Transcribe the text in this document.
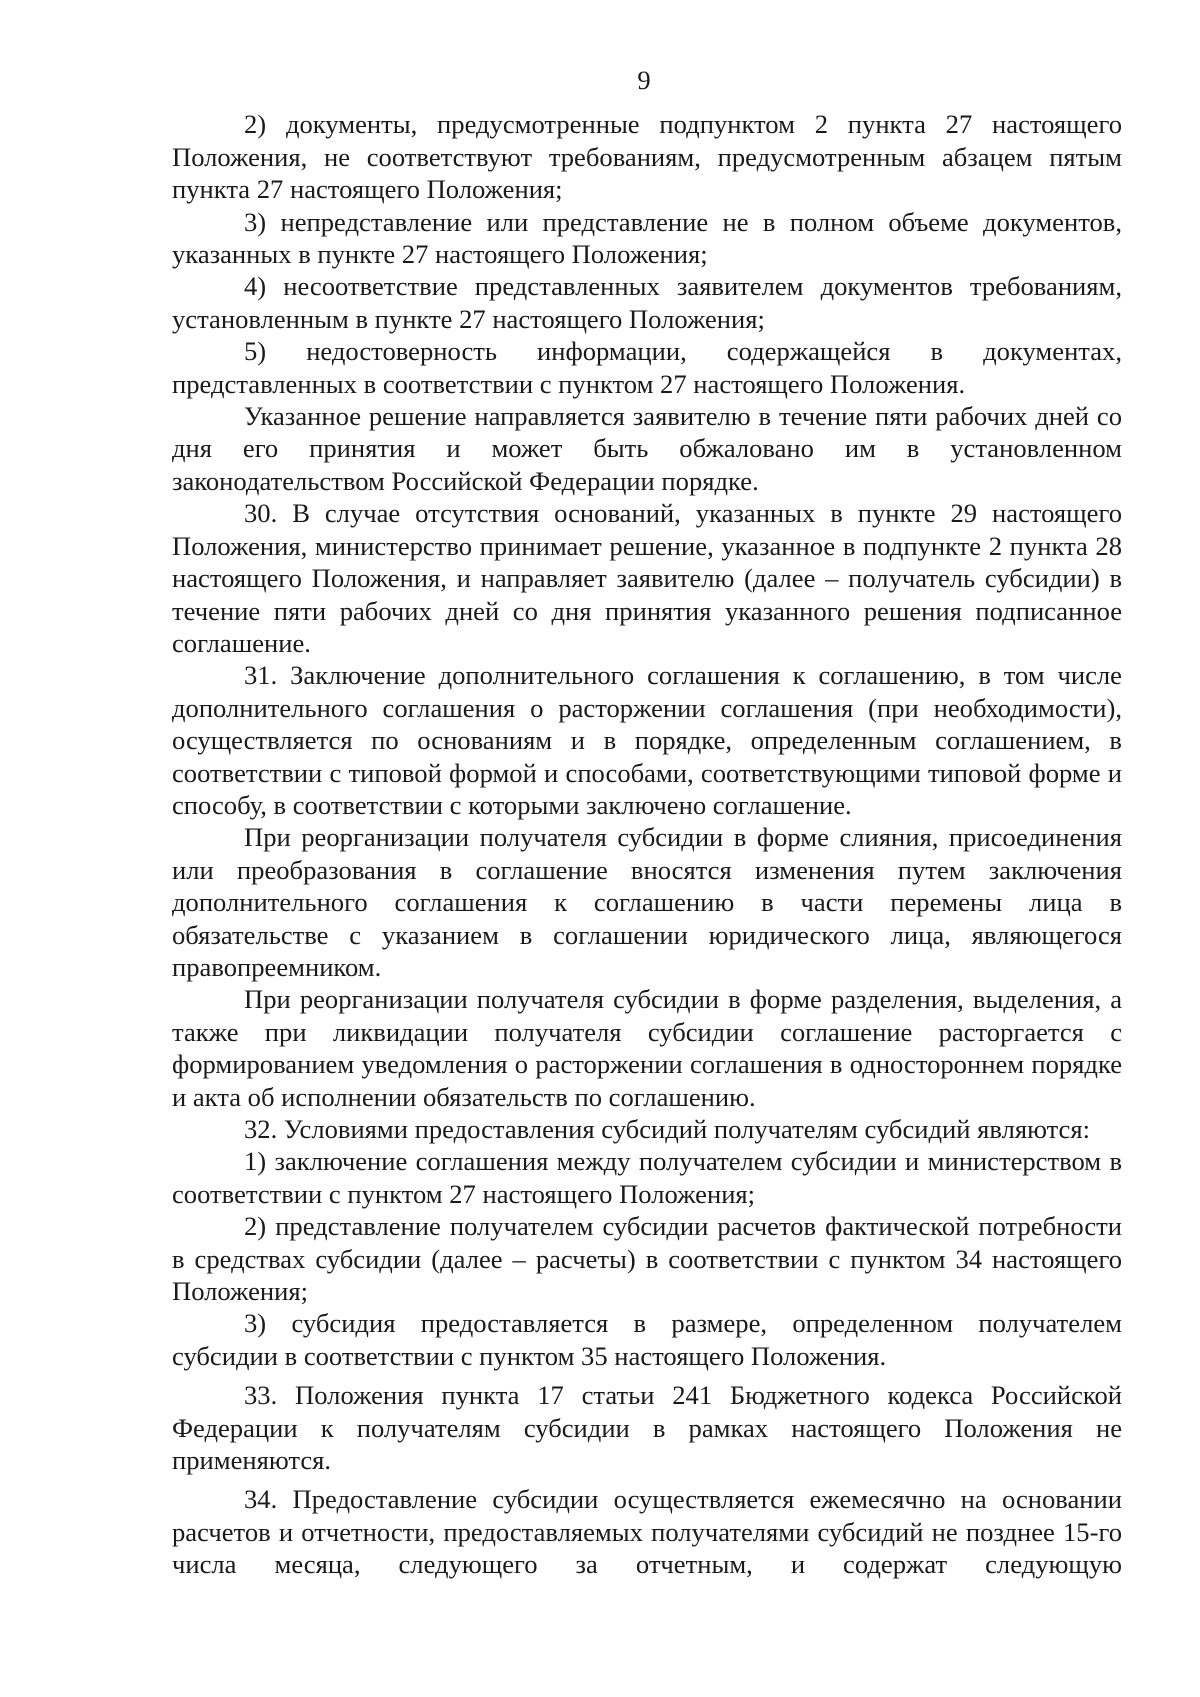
9

2) документы, предусмотренные подпунктом 2 пункта 27 настоящего Положения, не соответствуют требованиям, предусмотренным абзацем пятым пункта 27 настоящего Положения;

3) непредставление или представление не в полном объеме документов, указанных в пункте 27 настоящего Положения;

4) несоответствие представленных заявителем документов требованиям, установленным в пункте 27 настоящего Положения;

5) недостоверность информации, содержащейся в документах, представленных в соответствии с пунктом 27 настоящего Положения.

Указанное решение направляется заявителю в течение пяти рабочих дней со дня его принятия и может быть обжаловано им в установленном законодательством Российской Федерации порядке.

30. В случае отсутствия оснований, указанных в пункте 29 настоящего Положения, министерство принимает решение, указанное в подпункте 2 пункта 28 настоящего Положения, и направляет заявителю (далее – получатель субсидии) в течение пяти рабочих дней со дня принятия указанного решения подписанное соглашение.

31. Заключение дополнительного соглашения к соглашению, в том числе дополнительного соглашения о расторжении соглашения (при необходимости), осуществляется по основаниям и в порядке, определенным соглашением, в соответствии с типовой формой и способами, соответствующими типовой форме и способу, в соответствии с которыми заключено соглашение.

При реорганизации получателя субсидии в форме слияния, присоединения или преобразования в соглашение вносятся изменения путем заключения дополнительного соглашения к соглашению в части перемены лица в обязательстве с указанием в соглашении юридического лица, являющегося правопреемником.

При реорганизации получателя субсидии в форме разделения, выделения, а также при ликвидации получателя субсидии соглашение расторгается с формированием уведомления о расторжении соглашения в одностороннем порядке и акта об исполнении обязательств по соглашению.

32. Условиями предоставления субсидий получателям субсидий являются:

1) заключение соглашения между получателем субсидии и министерством в соответствии с пунктом 27 настоящего Положения;

2) представление получателем субсидии расчетов фактической потребности в средствах субсидии (далее – расчеты) в соответствии с пунктом 34 настоящего Положения;

3) субсидия предоставляется в размере, определенном получателем субсидии в соответствии с пунктом 35 настоящего Положения.

33. Положения пункта 17 статьи 241 Бюджетного кодекса Российской Федерации к получателям субсидии в рамках настоящего Положения не применяются.

34. Предоставление субсидии осуществляется ежемесячно на основании расчетов и отчетности, предоставляемых получателями субсидий не позднее 15-го числа месяца, следующего за отчетным, и содержат следующую
